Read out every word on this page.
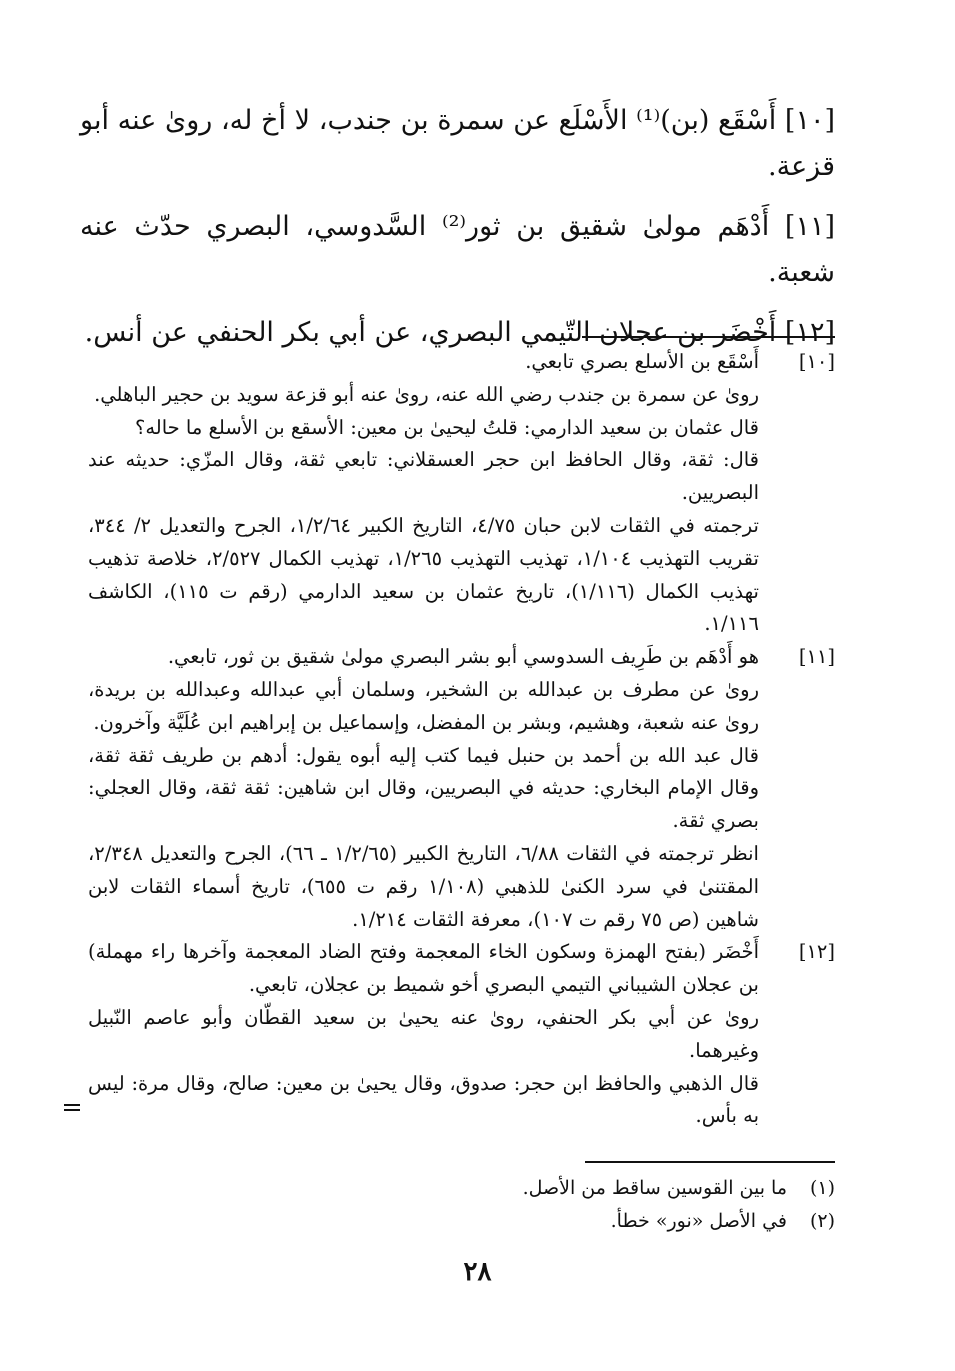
[١٠] أَسْقَع (بن)⁽¹⁾ الأَسْلَع عن سمرة بن جندب، لا أخ له، روىٰ عنه أبو قزعة.

[١١] أَدْهَم مولىٰ شقيق بن ثور⁽²⁾ السَّدوسي، البصري حدّث عنه شعبة.

[١٢] أَخْضَر بن عجلان التّيمي البصري، عن أبي بكر الحنفي عن أنس.

[١٠]
أَسْقَع بن الأسلع بصري تابعي.
روىٰ عن سمرة بن جندب رضي الله عنه، روىٰ عنه أبو قزعة سويد بن حجير الباهلي.
قال عثمان بن سعيد الدارمي: قلتُ ليحيىٰ بن معين: الأسقع بن الأسلع ما حاله؟
قال: ثقة، وقال الحافظ ابن حجر العسقلاني: تابعي ثقة، وقال المزّي: حديثه عند البصريين.
ترجمته في الثقات لابن حبان ٤/٧٥، التاريخ الكبير ١/٢/٦٤، الجرح والتعديل ٢/ ٣٤٤، تقريب التهذيب ١/١٠٤، تهذيب التهذيب ١/٢٦٥، تهذيب الكمال ٢/٥٢٧، خلاصة تذهيب تهذيب الكمال (١/١١٦)، تاريخ عثمان بن سعيد الدارمي (رقم ت ١١٥)، الكاشف ١/١١٦.
[١١]
هو أَدْهَم بن طَرِيف السدوسي أبو بشر البصري مولىٰ شقيق بن ثور، تابعي.
روىٰ عن مطرف بن عبدالله بن الشخير، وسلمان أبي عبدالله وعبدالله بن بريدة، روىٰ عنه شعبة، وهشيم، وبشر بن المفضل، وإسماعيل بن إبراهيم ابن عُلَيَّة وآخرون.
قال عبد الله بن أحمد بن حنبل فيما كتب إليه أبوه يقول: أدهم بن طريف ثقة ثقة، وقال الإمام البخاري: حديثه في البصريين، وقال ابن شاهين: ثقة ثقة، وقال العجلي: بصري ثقة.
انظر ترجمته في الثقات ٦/٨٨، التاريخ الكبير (١/٢/٦٥ ـ ٦٦)، الجرح والتعديل ٢/٣٤٨، المقتنىٰ في سرد الكنىٰ للذهبي (١/١٠٨ رقم ت ٦٥٥)، تاريخ أسماء الثقات لابن شاهين (ص ٧٥ رقم ت ١٠٧)، معرفة الثقات ١/٢١٤.
[١٢]
أَخْضَر (بفتح الهمزة وسكون الخاء المعجمة وفتح الضاد المعجمة وآخرها راء مهملة) بن عجلان الشيباني التيمي البصري أخو شميط بن عجلان، تابعي.
روىٰ عن أبي بكر الحنفي، روىٰ عنه يحيىٰ بن سعيد القطّان وأبو عاصم النّبيل وغيرهما.
قال الذهبي والحافظ ابن حجر: صدوق، وقال يحيىٰ بن معين: صالح، وقال مرة: ليس به بأس.
(١)
ما بين القوسين ساقط من الأصل.
(٢)
في الأصل «نور» خطأ.
٢٨
